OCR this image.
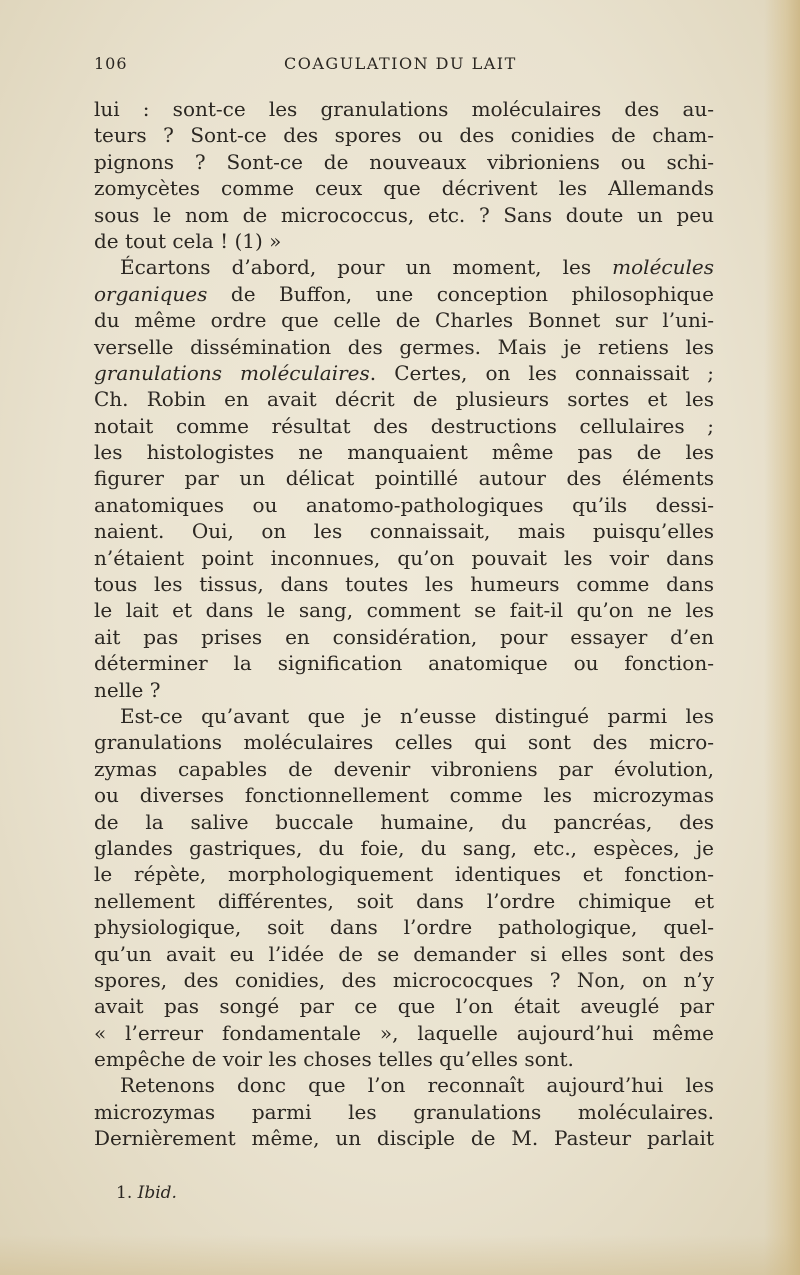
106	COAGULATION DU LAIT
lui : sont-ce les granulations moléculaires des au-
teurs ? Sont-ce des spores ou des conidies de cham-
pignons ? Sont-ce de nouveaux vibrioniens ou schi-
zomycètes comme ceux que décrivent les Allemands
sous le nom de micrococcus, etc. ? Sans doute un peu
de tout cela ! (1) »
Écartons d’abord, pour un moment, les molécules
organiques de Buffon, une conception philosophique
du même ordre que celle de Charles Bonnet sur l’uni-
verselle dissémination des germes. Mais je retiens les
granulations moléculaires. Certes, on les connaissait ;
Ch. Robin en avait décrit de plusieurs sortes et les
notait comme résultat des destructions cellulaires ;
les histologistes ne manquaient même pas de les
figurer par un délicat pointillé autour des éléments
anatomiques ou anatomo-pathologiques qu’ils dessi-
naient. Oui, on les connaissait, mais puisqu’elles
n’étaient point inconnues, qu’on pouvait les voir dans
tous les tissus, dans toutes les humeurs comme dans
le lait et dans le sang, comment se fait-il qu’on ne les
ait pas prises en considération, pour essayer d’en
déterminer la signification anatomique ou fonction-
nelle ?
Est-ce qu’avant que je n’eusse distingué parmi les
granulations moléculaires celles qui sont des micro-
zymas capables de devenir vibroniens par évolution,
ou diverses fonctionnellement comme les microzymas
de la salive buccale humaine, du pancréas, des
glandes gastriques, du foie, du sang, etc., espèces, je
le répète, morphologiquement identiques et fonction-
nellement différentes, soit dans l’ordre chimique et
physiologique, soit dans l’ordre pathologique, quel-
qu’un avait eu l’idée de se demander si elles sont des
spores, des conidies, des micrococques ? Non, on n’y
avait pas songé par ce que l’on était aveuglé par
« l’erreur fondamentale », laquelle aujourd’hui même
empêche de voir les choses telles qu’elles sont.
Retenons donc que l’on reconnaît aujourd’hui les
microzymas parmi les granulations moléculaires.
Dernièrement même, un disciple de M. Pasteur parlait
1. Ibid.
